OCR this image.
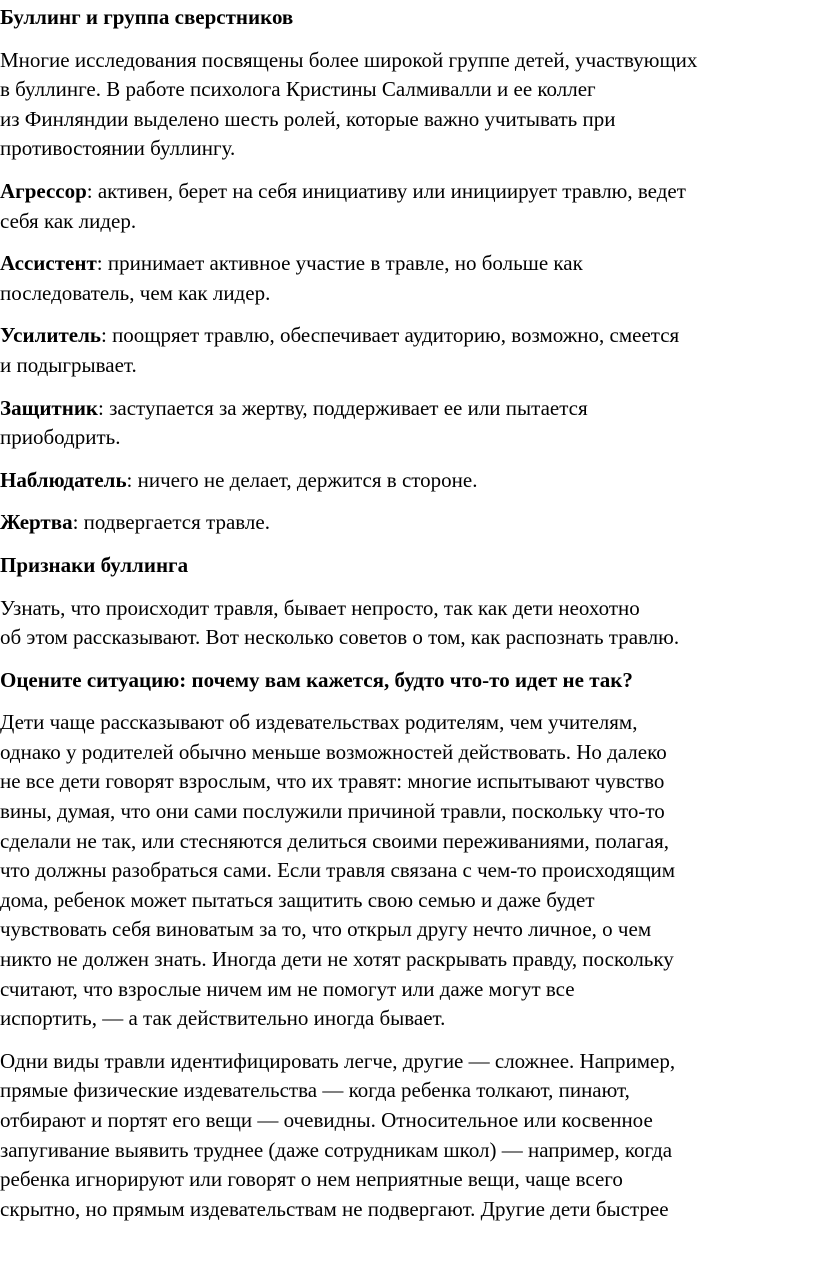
Буллинг и группа сверстников
Многие исследования посвящены более широкой группе детей, участвующих
в буллинге. В работе психолога Кристины Салмивалли и ее коллег
из Финляндии выделено шесть ролей, которые важно учитывать при
противостоянии буллингу.
Агрессор: активен, берет на себя инициативу или инициирует травлю, ведет
себя как лидер.
Ассистент: принимает активное участие в травле, но больше как
последователь, чем как лидер.
Усилитель: поощряет травлю, обеспечивает аудиторию, возможно, смеется
и подыгрывает.
Защитник: заступается за жертву, поддерживает ее или пытается
приободрить.
Наблюдатель: ничего не делает, держится в стороне.
Жертва: подвергается травле.
Признаки буллинга
Узнать, что происходит травля, бывает непросто, так как дети неохотно
об этом рассказывают. Вот несколько советов о том, как распознать травлю.
Оцените ситуацию: почему вам кажется, будто что-то идет не так?
Дети чаще рассказывают об издевательствах родителям, чем учителям,
однако у родителей обычно меньше возможностей действовать. Но далеко
не все дети говорят взрослым, что их травят: многие испытывают чувство
вины, думая, что они сами послужили причиной травли, поскольку что-то
сделали не так, или стесняются делиться своими переживаниями, полагая,
что должны разобраться сами. Если травля связана с чем-то происходящим
дома, ребенок может пытаться защитить свою семью и даже будет
чувствовать себя виноватым за то, что открыл другу нечто личное, о чем
никто не должен знать. Иногда дети не хотят раскрывать правду, поскольку
считают, что взрослые ничем им не помогут или даже могут все
испортить, — а так действительно иногда бывает.
Одни виды травли идентифицировать легче, другие — сложнее. Например,
прямые физические издевательства — когда ребенка толкают, пинают,
отбирают и портят его вещи — очевидны. Относительное или косвенное
запугивание выявить труднее (даже сотрудникам школ) — например, когда
ребенка игнорируют или говорят о нем неприятные вещи, чаще всего
скрытно, но прямым издевательствам не подвергают. Другие дети быстрее
